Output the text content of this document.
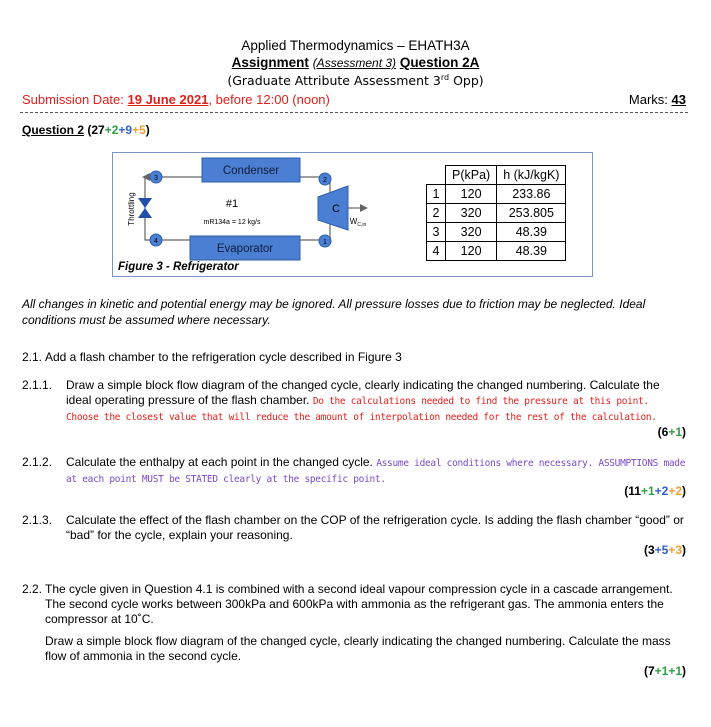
Applied Thermodynamics – EHATH3A
Assignment (Assessment 3) Question 2A
(Graduate Attribute Assessment 3rd Opp)
Submission Date: 19 June 2021, before 12:00 (noon)	Marks: 43
Question 2 (27+2+9+5)
Condenser
Evaporator
Throttling	C
$W_{C,in}$
#1
mR134a = 12 kg/s
3	2
4	1
Figure 3 - Refrigerator
	P(kPa)	h (kJ/kgK)
1	120	233.86
2	320	253.805
3	320	48.39
4	120	48.39
All changes in kinetic and potential energy may be ignored. All pressure losses due to friction may be neglected. Ideal conditions must be assumed where necessary.
2.1. Add a flash chamber to the refrigeration cycle described in Figure 3
2.1.1. Draw a simple block flow diagram of the changed cycle, clearly indicating the changed numbering. Calculate the ideal operating pressure of the flash chamber. Do the calculations needed to find the pressure at this point. Choose the closest value that will reduce the amount of interpolation needed for the rest of the calculation.
(6+1)
2.1.2. Calculate the enthalpy at each point in the changed cycle. Assume ideal conditions where necessary. ASSUMPTIONS made at each point MUST be STATED clearly at the specific point.
(11+1+2+2)
2.1.3. Calculate the effect of the flash chamber on the COP of the refrigeration cycle. Is adding the flash chamber “good” or “bad” for the cycle, explain your reasoning.
(3+5+3)
2.2. The cycle given in Question 4.1 is combined with a second ideal vapour compression cycle in a cascade arrangement. The second cycle works between 300kPa and 600kPa with ammonia as the refrigerant gas. The ammonia enters the compressor at 10˚C.
Draw a simple block flow diagram of the changed cycle, clearly indicating the changed numbering. Calculate the mass flow of ammonia in the second cycle.
(7+1+1)
